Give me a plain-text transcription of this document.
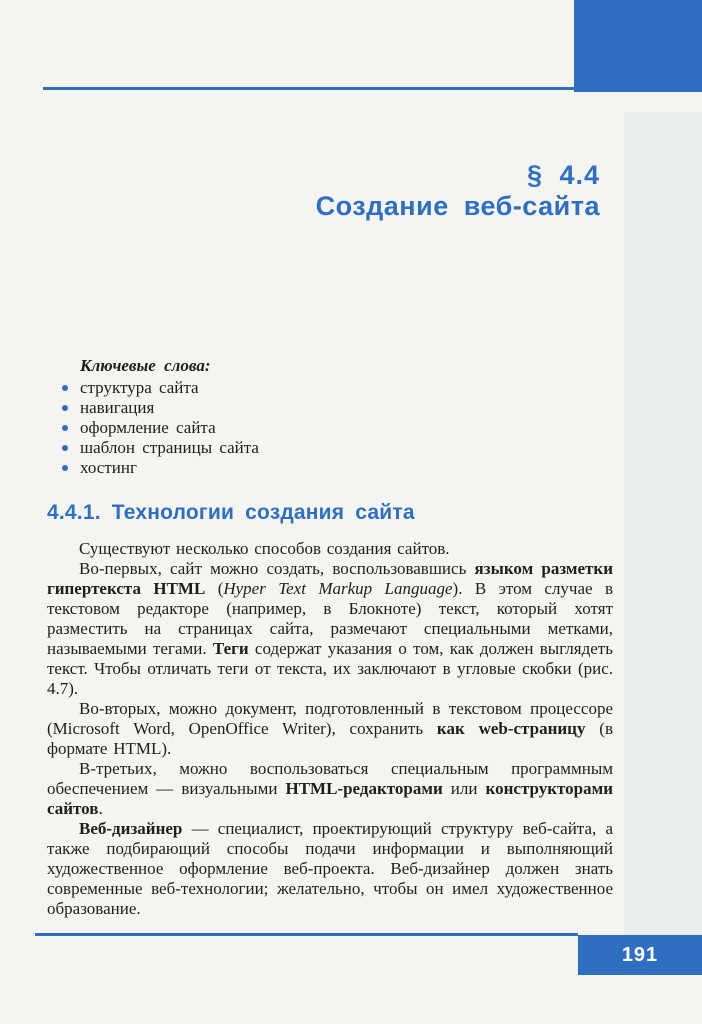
§ 4.4
Создание веб-сайта
Ключевые слова:
структура сайта
навигация
оформление сайта
шаблон страницы сайта
хостинг
4.4.1. Технологии создания сайта

Существуют несколько способов создания сайтов.

Во-первых, сайт можно создать, воспользовавшись языком разметки гипертекста HTML (Hyper Text Markup Language). В этом случае в текстовом редакторе (например, в Блокноте) текст, который хотят разместить на страницах сайта, размечают специальными метками, называемыми тегами. Теги содержат указания о том, как должен выглядеть текст. Чтобы отличать теги от текста, их заключают в угловые скобки (рис. 4.7).

Во-вторых, можно документ, подготовленный в текстовом процессоре (Microsoft Word, OpenOffice Writer), сохранить как web-страницу (в формате HTML).

В-третьих, можно воспользоваться специальным программным обеспечением — визуальными HTML-редакторами или конструкторами сайтов.

Веб-дизайнер — специалист, проектирующий структуру веб-сайта, а также подбирающий способы подачи информации и выполняющий художественное оформление веб-проекта. Веб-дизайнер должен знать современные веб-технологии; желательно, чтобы он имел художественное образование.

191
